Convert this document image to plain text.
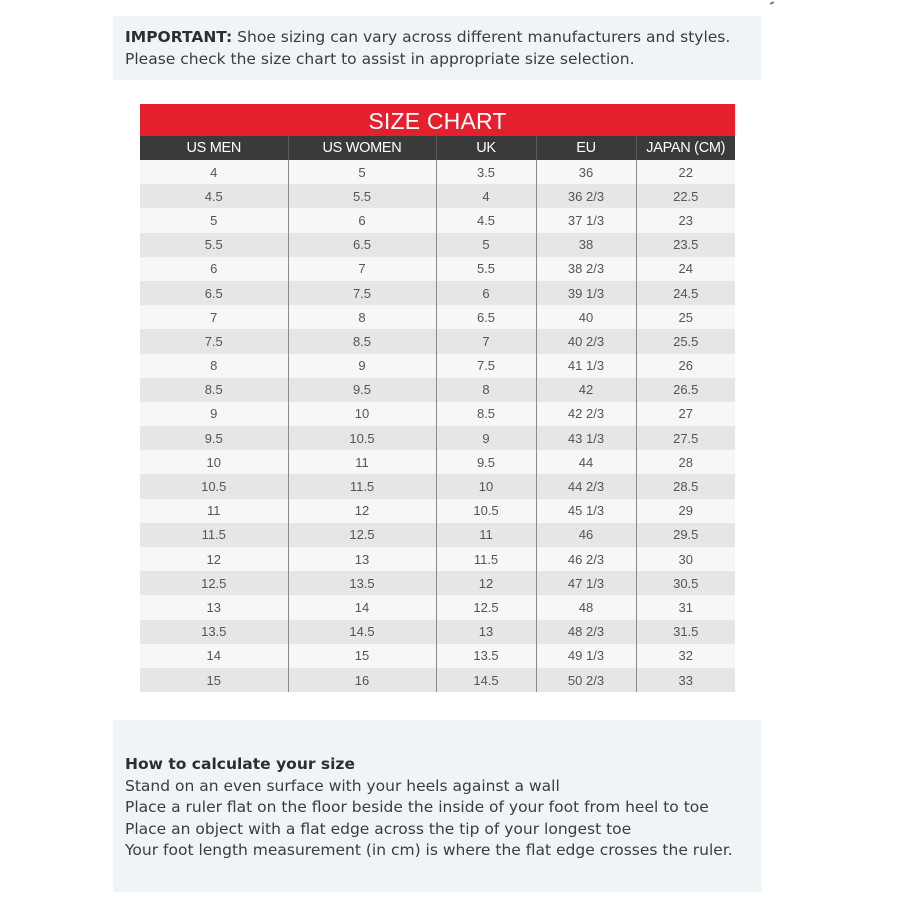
IMPORTANT: Shoe sizing can vary across different manufacturers and styles.
Please check the size chart to assist in appropriate size selection.
SIZE CHART
US MEN	US WOMEN	UK	EU	JAPAN (CM)
4	5	3.5	36	22
4.5	5.5	4	36 2/3	22.5
5	6	4.5	37 1/3	23
5.5	6.5	5	38	23.5
6	7	5.5	38 2/3	24
6.5	7.5	6	39 1/3	24.5
7	8	6.5	40	25
7.5	8.5	7	40 2/3	25.5
8	9	7.5	41 1/3	26
8.5	9.5	8	42	26.5
9	10	8.5	42 2/3	27
9.5	10.5	9	43 1/3	27.5
10	11	9.5	44	28
10.5	11.5	10	44 2/3	28.5
11	12	10.5	45 1/3	29
11.5	12.5	11	46	29.5
12	13	11.5	46 2/3	30
12.5	13.5	12	47 1/3	30.5
13	14	12.5	48	31
13.5	14.5	13	48 2/3	31.5
14	15	13.5	49 1/3	32
15	16	14.5	50 2/3	33
How to calculate your size
Stand on an even surface with your heels against a wall
Place a ruler flat on the floor beside the inside of your foot from heel to toe
Place an object with a flat edge across the tip of your longest toe
Your foot length measurement (in cm) is where the flat edge crosses the ruler.
